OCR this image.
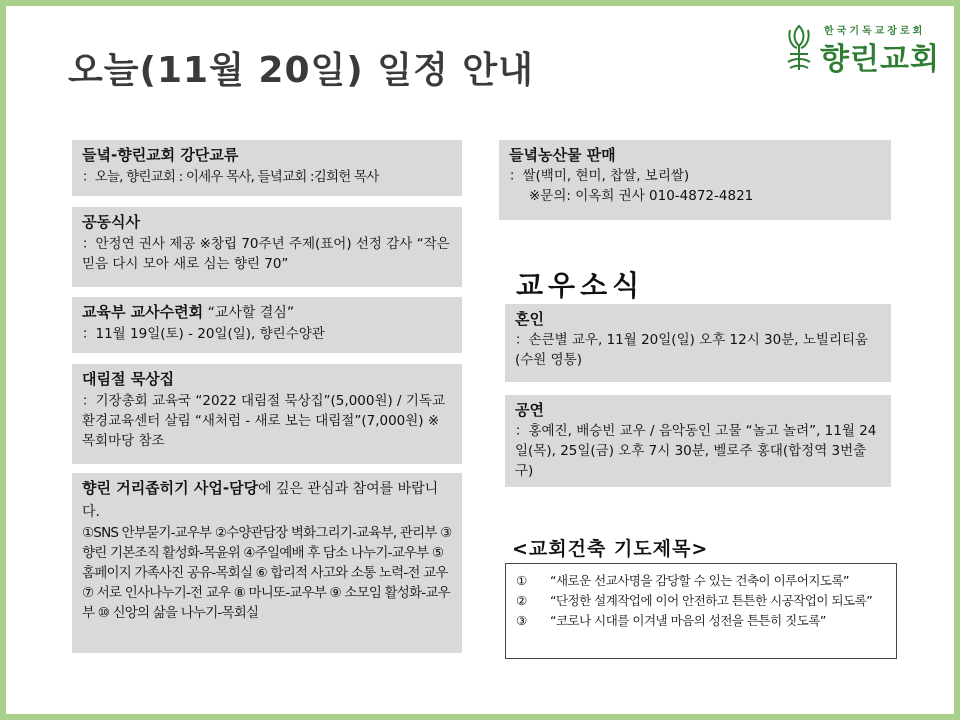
오늘(11월 20일) 일정 안내
한국기독교장로회
향린교회
들녘-향린교회 강단교류
：오늘, 향린교회 : 이세우 목사, 들녘교회 :김희헌 목사
공동식사
：안정연 권사 제공 ※창립 70주년 주제(표어) 선정 감사 “작은 믿음 다시 모아 새로 심는 향린 70”
교육부 교사수련회 “교사할 결심”
：11월 19일(토) - 20일(일), 향린수양관
대림절 묵상집
：기장총회 교육국 “2022 대림절 묵상집”(5,000원) / 기독교환경교육센터 살림 “새처럼 - 새로 보는 대림절”(7,000원) ※목회마당 참조
향린 거리좁히기 사업-담당에 깊은 관심과 참여를 바랍니다.
①SNS 안부묻기-교우부 ②수양관담장 벽화그리기-교육부, 관리부 ③향린 기본조직 활성화-목윤위 ④주일예배 후 담소 나누기-교우부 ⑤ 홈페이지 가족사진 공유-목회실 ⑥ 합리적 사고와 소통 노력-전 교우 ⑦ 서로 인사나누기-전 교우 ⑧ 마니또-교우부 ⑨ 소모임 활성화-교우부 ⑩ 신앙의 삶을 나누기-목회실
들녘농산물 판매
：쌀(백미, 현미, 찹쌀, 보리쌀)
※문의: 이옥희 권사 010-4872-4821
교우소식
혼인
：손큰별 교우, 11월 20일(일) 오후 12시 30분, 노빌리티움(수원 영통)
공연
：홍예진, 배승빈 교우 / 음악동인 고물 “놀고 놀려”, 11월 24일(목), 25일(금) 오후 7시 30분, 벨로주 홍대(합정역 3번출구)
<교회건축 기도제목>
①	“새로운 선교사명을 감당할 수 있는 건축이 이루어지도록”
②	“단정한 설계작업에 이어 안전하고 튼튼한 시공작업이 되도록”
③	“코로나 시대를 이겨낼 마음의 성전을 튼튼히 짓도록”
